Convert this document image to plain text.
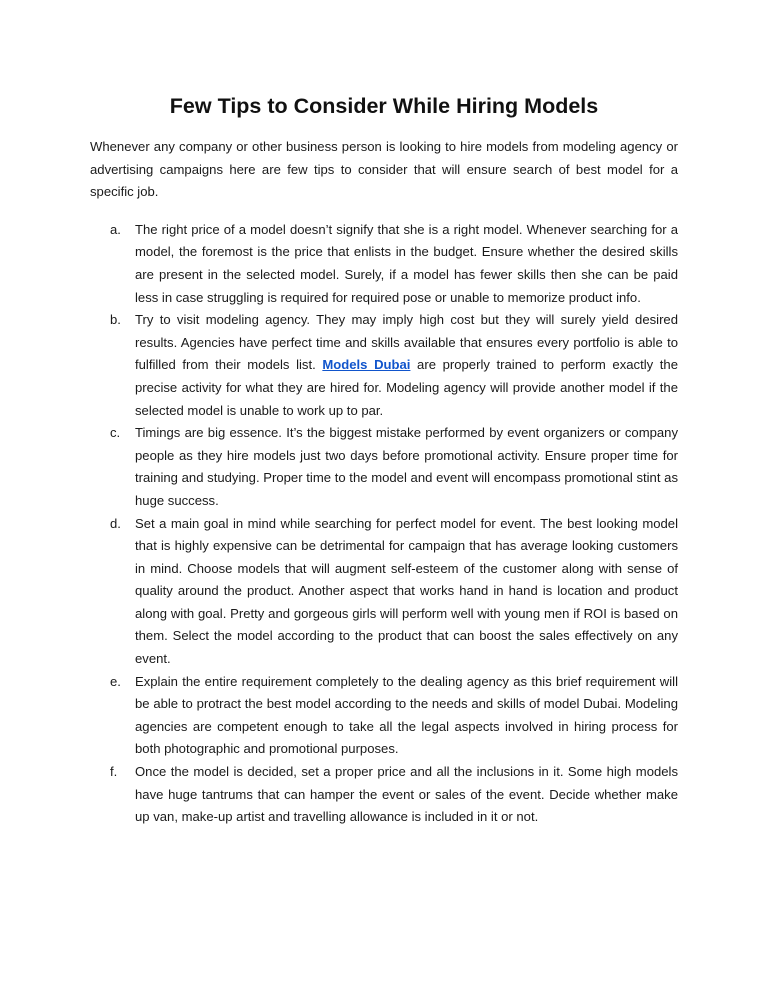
Few Tips to Consider While Hiring Models

Whenever any company or other business person is looking to hire models from modeling agency or advertising campaigns here are few tips to consider that will ensure search of best model for a specific job.

a. The right price of a model doesn’t signify that she is a right model. Whenever searching for a model, the foremost is the price that enlists in the budget. Ensure whether the desired skills are present in the selected model. Surely, if a model has fewer skills then she can be paid less in case struggling is required for required pose or unable to memorize product info.
b. Try to visit modeling agency. They may imply high cost but they will surely yield desired results. Agencies have perfect time and skills available that ensures every portfolio is able to fulfilled from their models list. Models Dubai are properly trained to perform exactly the precise activity for what they are hired for. Modeling agency will provide another model if the selected model is unable to work up to par.
c. Timings are big essence. It’s the biggest mistake performed by event organizers or company people as they hire models just two days before promotional activity. Ensure proper time for training and studying. Proper time to the model and event will encompass promotional stint as huge success.
d. Set a main goal in mind while searching for perfect model for event. The best looking model that is highly expensive can be detrimental for campaign that has average looking customers in mind. Choose models that will augment self-esteem of the customer along with sense of quality around the product. Another aspect that works hand in hand is location and product along with goal. Pretty and gorgeous girls will perform well with young men if ROI is based on them. Select the model according to the product that can boost the sales effectively on any event.
e. Explain the entire requirement completely to the dealing agency as this brief requirement will be able to protract the best model according to the needs and skills of model Dubai. Modeling agencies are competent enough to take all the legal aspects involved in hiring process for both photographic and promotional purposes.
f. Once the model is decided, set a proper price and all the inclusions in it. Some high models have huge tantrums that can hamper the event or sales of the event. Decide whether make up van, make-up artist and travelling allowance is included in it or not.
